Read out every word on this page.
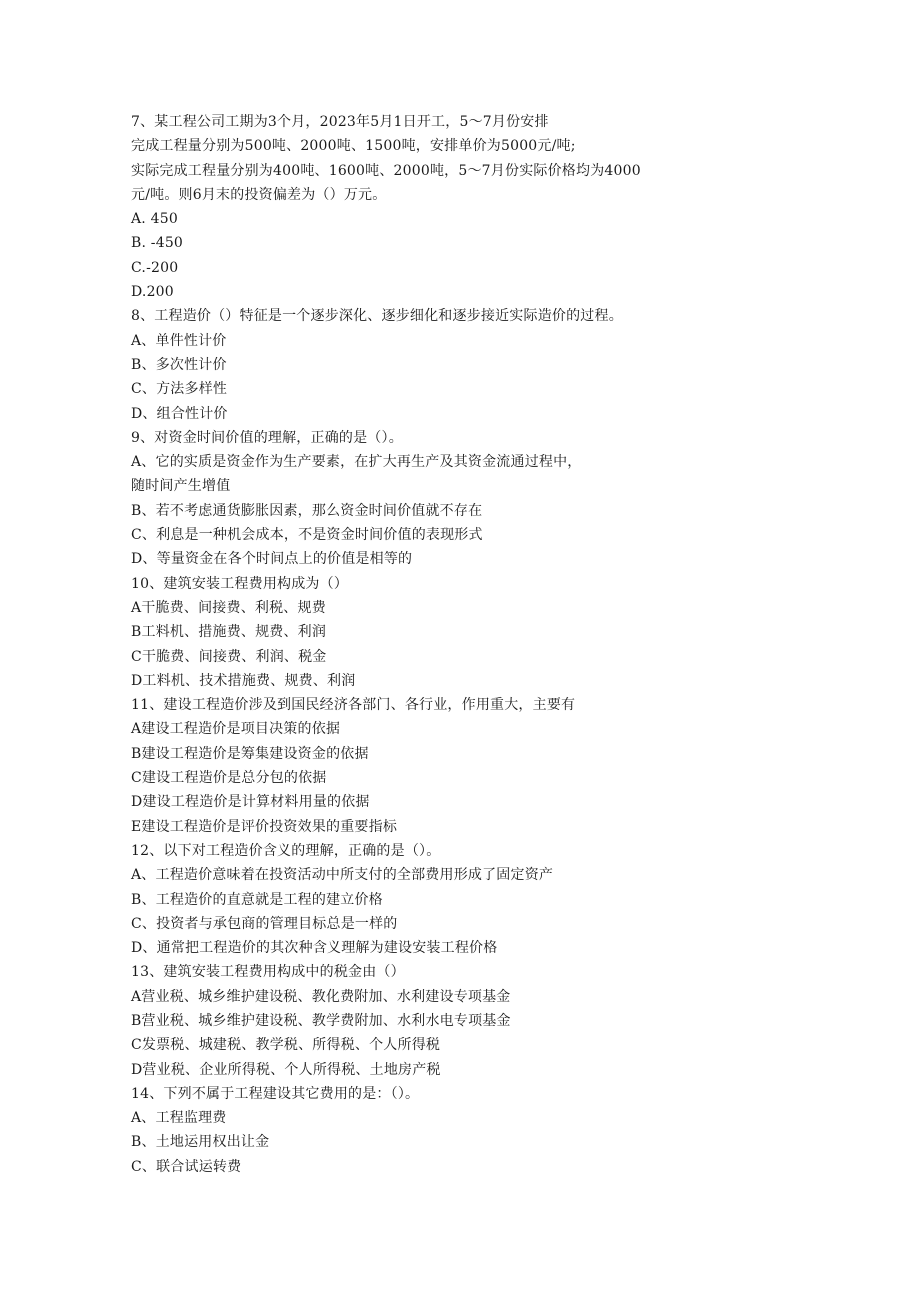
7、某工程公司工期为3个月，2023年5月1日开工，5～7月份安排
完成工程量分别为500吨、2000吨、1500吨，安排单价为5000元/吨;
实际完成工程量分别为400吨、1600吨、2000吨，5～7月份实际价格均为4000
元/吨。则6月末的投资偏差为（）万元。
A. 450
B. -450
C.-200
D.200
8、工程造价（）特征是一个逐步深化、逐步细化和逐步接近实际造价的过程。
A、单件性计价
B、多次性计价
C、方法多样性
D、组合性计价
9、对资金时间价值的理解，正确的是（）。
A、它的实质是资金作为生产要素，在扩大再生产及其资金流通过程中，
随时间产生增值
B、若不考虑通货膨胀因素，那么资金时间价值就不存在
C、利息是一种机会成本，不是资金时间价值的表现形式
D、等量资金在各个时间点上的价值是相等的
10、建筑安装工程费用构成为（）
A干脆费、间接费、利税、规费
B工料机、措施费、规费、利润
C干脆费、间接费、利润、税金
D工料机、技术措施费、规费、利润
11、建设工程造价涉及到国民经济各部门、各行业，作用重大，主要有
A建设工程造价是项目决策的依据
B建设工程造价是筹集建设资金的依据
C建设工程造价是总分包的依据
D建设工程造价是计算材料用量的依据
E建设工程造价是评价投资效果的重要指标
12、以下对工程造价含义的理解，正确的是（）。
A、工程造价意味着在投资活动中所支付的全部费用形成了固定资产
B、工程造价的直意就是工程的建立价格
C、投资者与承包商的管理目标总是一样的
D、通常把工程造价的其次种含义理解为建设安装工程价格
13、建筑安装工程费用构成中的税金由（）
A营业税、城乡维护建设税、教化费附加、水利建设专项基金
B营业税、城乡维护建设税、教学费附加、水利水电专项基金
C发票税、城建税、教学税、所得税、个人所得税
D营业税、企业所得税、个人所得税、土地房产税
14、下列不属于工程建设其它费用的是：（）。
A、工程监理费
B、土地运用权出让金
C、联合试运转费
